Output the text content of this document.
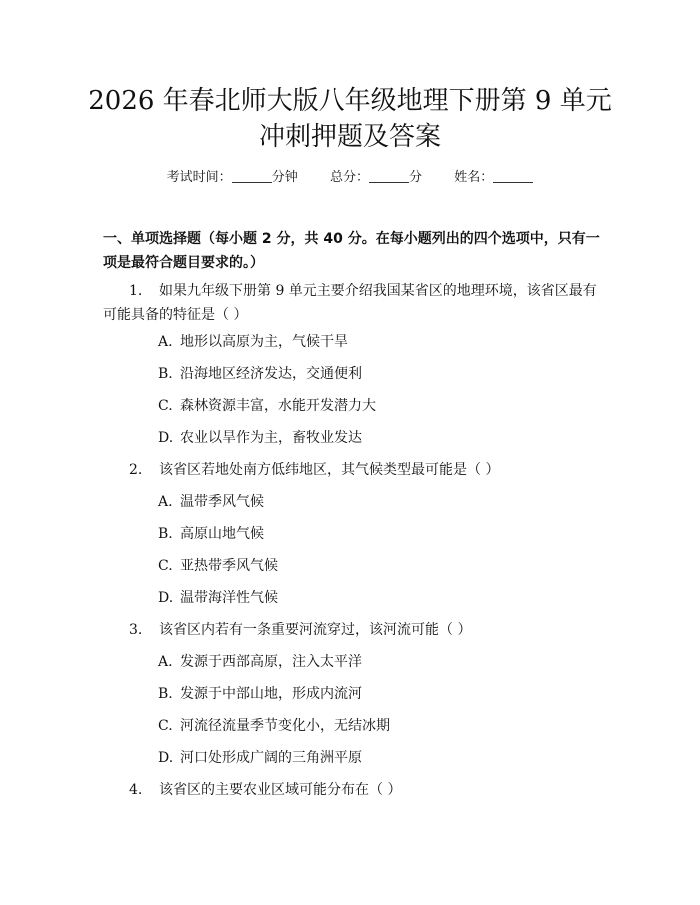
2026 年春北师大版八年级地理下册第 9 单元
冲刺押题及答案
考试时间：	分钟 总分：	分 姓名：
一、单项选择题（每小题 2 分，共 40 分。在每小题列出的四个选项中，只有一项是最符合题目要求的。）
1. 如果九年级下册第 9 单元主要介绍我国某省区的地理环境，该省区最有可能具备的特征是（ ）
A. 地形以高原为主，气候干旱
B. 沿海地区经济发达，交通便利
C. 森林资源丰富，水能开发潜力大
D. 农业以旱作为主，畜牧业发达
2. 该省区若地处南方低纬地区，其气候类型最可能是（ ）
A. 温带季风气候
B. 高原山地气候
C. 亚热带季风气候
D. 温带海洋性气候
3. 该省区内若有一条重要河流穿过，该河流可能（ ）
A. 发源于西部高原，注入太平洋
B. 发源于中部山地，形成内流河
C. 河流径流量季节变化小，无结冰期
D. 河口处形成广阔的三角洲平原
4. 该省区的主要农业区域可能分布在（ ）
